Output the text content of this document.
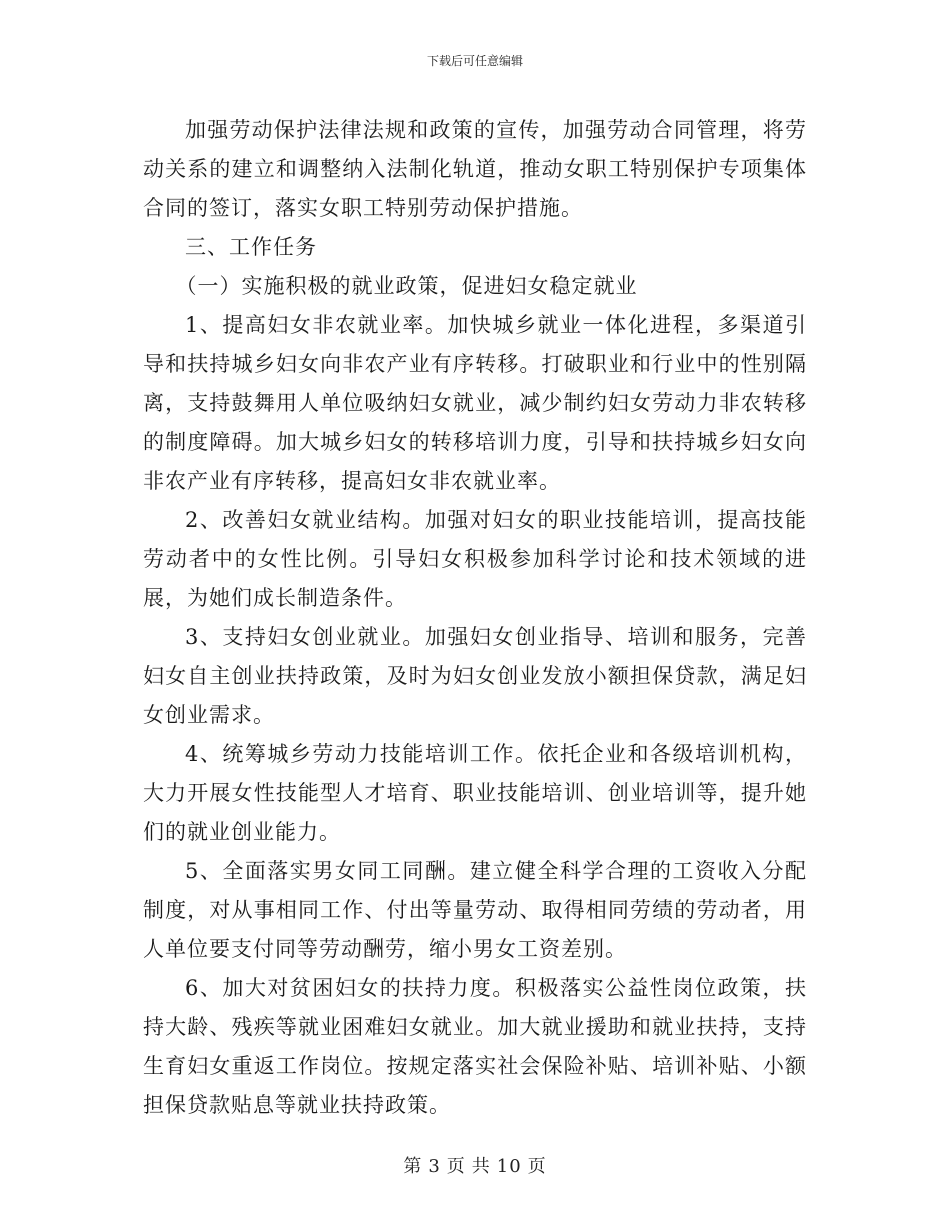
下载后可任意编辑

加强劳动保护法律法规和政策的宣传，加强劳动合同管理，将劳动关系的建立和调整纳入法制化轨道，推动女职工特别保护专项集体合同的签订，落实女职工特别劳动保护措施。

三、工作任务

（一）实施积极的就业政策，促进妇女稳定就业

1、提高妇女非农就业率。加快城乡就业一体化进程，多渠道引导和扶持城乡妇女向非农产业有序转移。打破职业和行业中的性别隔离，支持鼓舞用人单位吸纳妇女就业，减少制约妇女劳动力非农转移的制度障碍。加大城乡妇女的转移培训力度，引导和扶持城乡妇女向非农产业有序转移，提高妇女非农就业率。

2、改善妇女就业结构。加强对妇女的职业技能培训，提高技能劳动者中的女性比例。引导妇女积极参加科学讨论和技术领域的进展，为她们成长制造条件。

3、支持妇女创业就业。加强妇女创业指导、培训和服务，完善妇女自主创业扶持政策，及时为妇女创业发放小额担保贷款，满足妇女创业需求。

4、统筹城乡劳动力技能培训工作。依托企业和各级培训机构，大力开展女性技能型人才培育、职业技能培训、创业培训等，提升她们的就业创业能力。

5、全面落实男女同工同酬。建立健全科学合理的工资收入分配制度，对从事相同工作、付出等量劳动、取得相同劳绩的劳动者，用人单位要支付同等劳动酬劳，缩小男女工资差别。

6、加大对贫困妇女的扶持力度。积极落实公益性岗位政策，扶持大龄、残疾等就业困难妇女就业。加大就业援助和就业扶持，支持生育妇女重返工作岗位。按规定落实社会保险补贴、培训补贴、小额担保贷款贴息等就业扶持政策。

第 3 页 共 10 页
